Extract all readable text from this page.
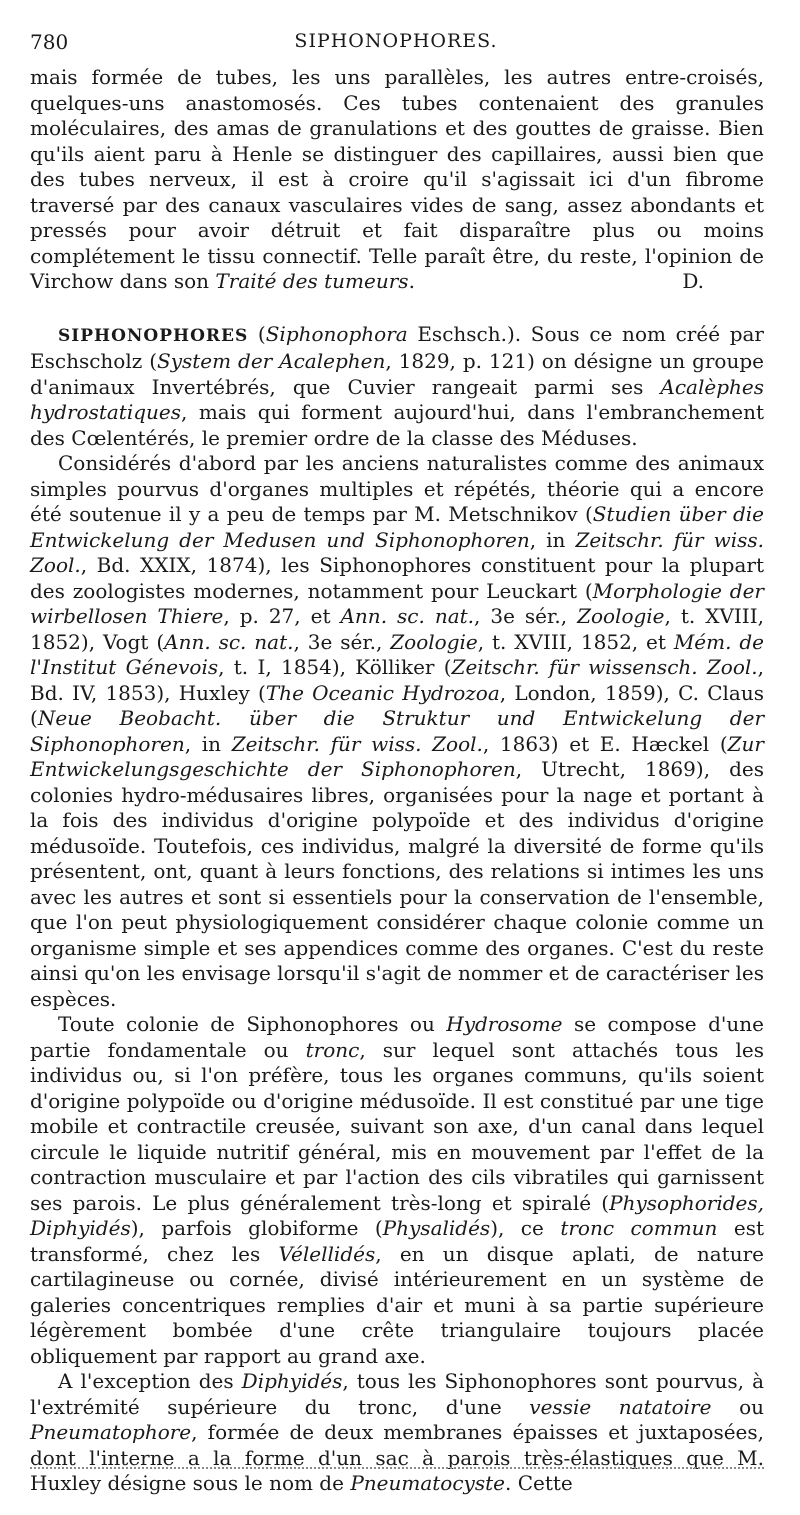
780	SIPHONOPHORES.

mais formée de tubes, les uns parallèles, les autres entre-croisés, quelques-uns anastomosés. Ces tubes contenaient des granules moléculaires, des amas de granulations et des gouttes de graisse. Bien qu'ils aient paru à Henle se distinguer des capillaires, aussi bien que des tubes nerveux, il est à croire qu'il s'agissait ici d'un fibrome traversé par des canaux vasculaires vides de sang, assez abondants et pressés pour avoir détruit et fait disparaître plus ou moins complétement le tissu connectif. Telle paraît être, du reste, l'opinion de Virchow dans son Traité des tumeurs.	D.

SIPHONOPHORES (Siphonophora Eschsch.). Sous ce nom créé par Eschscholz (System der Acalephen, 1829, p. 121) on désigne un groupe d'animaux Invertébrés, que Cuvier rangeait parmi ses Acalèphes hydrostatiques, mais qui forment aujourd'hui, dans l'embranchement des Cœlentérés, le premier ordre de la classe des Méduses.

Considérés d'abord par les anciens naturalistes comme des animaux simples pourvus d'organes multiples et répétés, théorie qui a encore été soutenue il y a peu de temps par M. Metschnikov (Studien über die Entwickelung der Medusen und Siphonophoren, in Zeitschr. für wiss. Zool., Bd. XXIX, 1874), les Siphonophores constituent pour la plupart des zoologistes modernes, notamment pour Leuckart (Morphologie der wirbellosen Thiere, p. 27, et Ann. sc. nat., 3e sér., Zoologie, t. XVIII, 1852), Vogt (Ann. sc. nat., 3e sér., Zoologie, t. XVIII, 1852, et Mém. de l'Institut Génevois, t. I, 1854), Kölliker (Zeitschr. für wissensch. Zool., Bd. IV, 1853), Huxley (The Oceanic Hydrozoa, London, 1859), C. Claus (Neue Beobacht. über die Struktur und Entwickelung der Siphonophoren, in Zeitschr. für wiss. Zool., 1863) et E. Hæckel (Zur Entwickelungsgeschichte der Siphonophoren, Utrecht, 1869), des colonies hydro-médusaires libres, organisées pour la nage et portant à la fois des individus d'origine polypoïde et des individus d'origine médusoïde. Toutefois, ces individus, malgré la diversité de forme qu'ils présentent, ont, quant à leurs fonctions, des relations si intimes les uns avec les autres et sont si essentiels pour la conservation de l'ensemble, que l'on peut physiologiquement considérer chaque colonie comme un organisme simple et ses appendices comme des organes. C'est du reste ainsi qu'on les envisage lorsqu'il s'agit de nommer et de caractériser les espèces.

Toute colonie de Siphonophores ou Hydrosome se compose d'une partie fondamentale ou tronc, sur lequel sont attachés tous les individus ou, si l'on préfère, tous les organes communs, qu'ils soient d'origine polypoïde ou d'origine médusoïde. Il est constitué par une tige mobile et contractile creusée, suivant son axe, d'un canal dans lequel circule le liquide nutritif général, mis en mouvement par l'effet de la contraction musculaire et par l'action des cils vibratiles qui garnissent ses parois. Le plus généralement très-long et spiralé (Physophorides, Diphyidés), parfois globiforme (Physalidés), ce tronc commun est transformé, chez les Vélellidés, en un disque aplati, de nature cartilagineuse ou cornée, divisé intérieurement en un système de galeries concentriques remplies d'air et muni à sa partie supérieure légèrement bombée d'une crête triangulaire toujours placée obliquement par rapport au grand axe.

A l'exception des Diphyidés, tous les Siphonophores sont pourvus, à l'extrémité supérieure du tronc, d'une vessie natatoire ou Pneumatophore, formée de deux membranes épaisses et juxtaposées, dont l'interne a la forme d'un sac à parois très-élastiques que M. Huxley désigne sous le nom de Pneumatocyste. Cette
